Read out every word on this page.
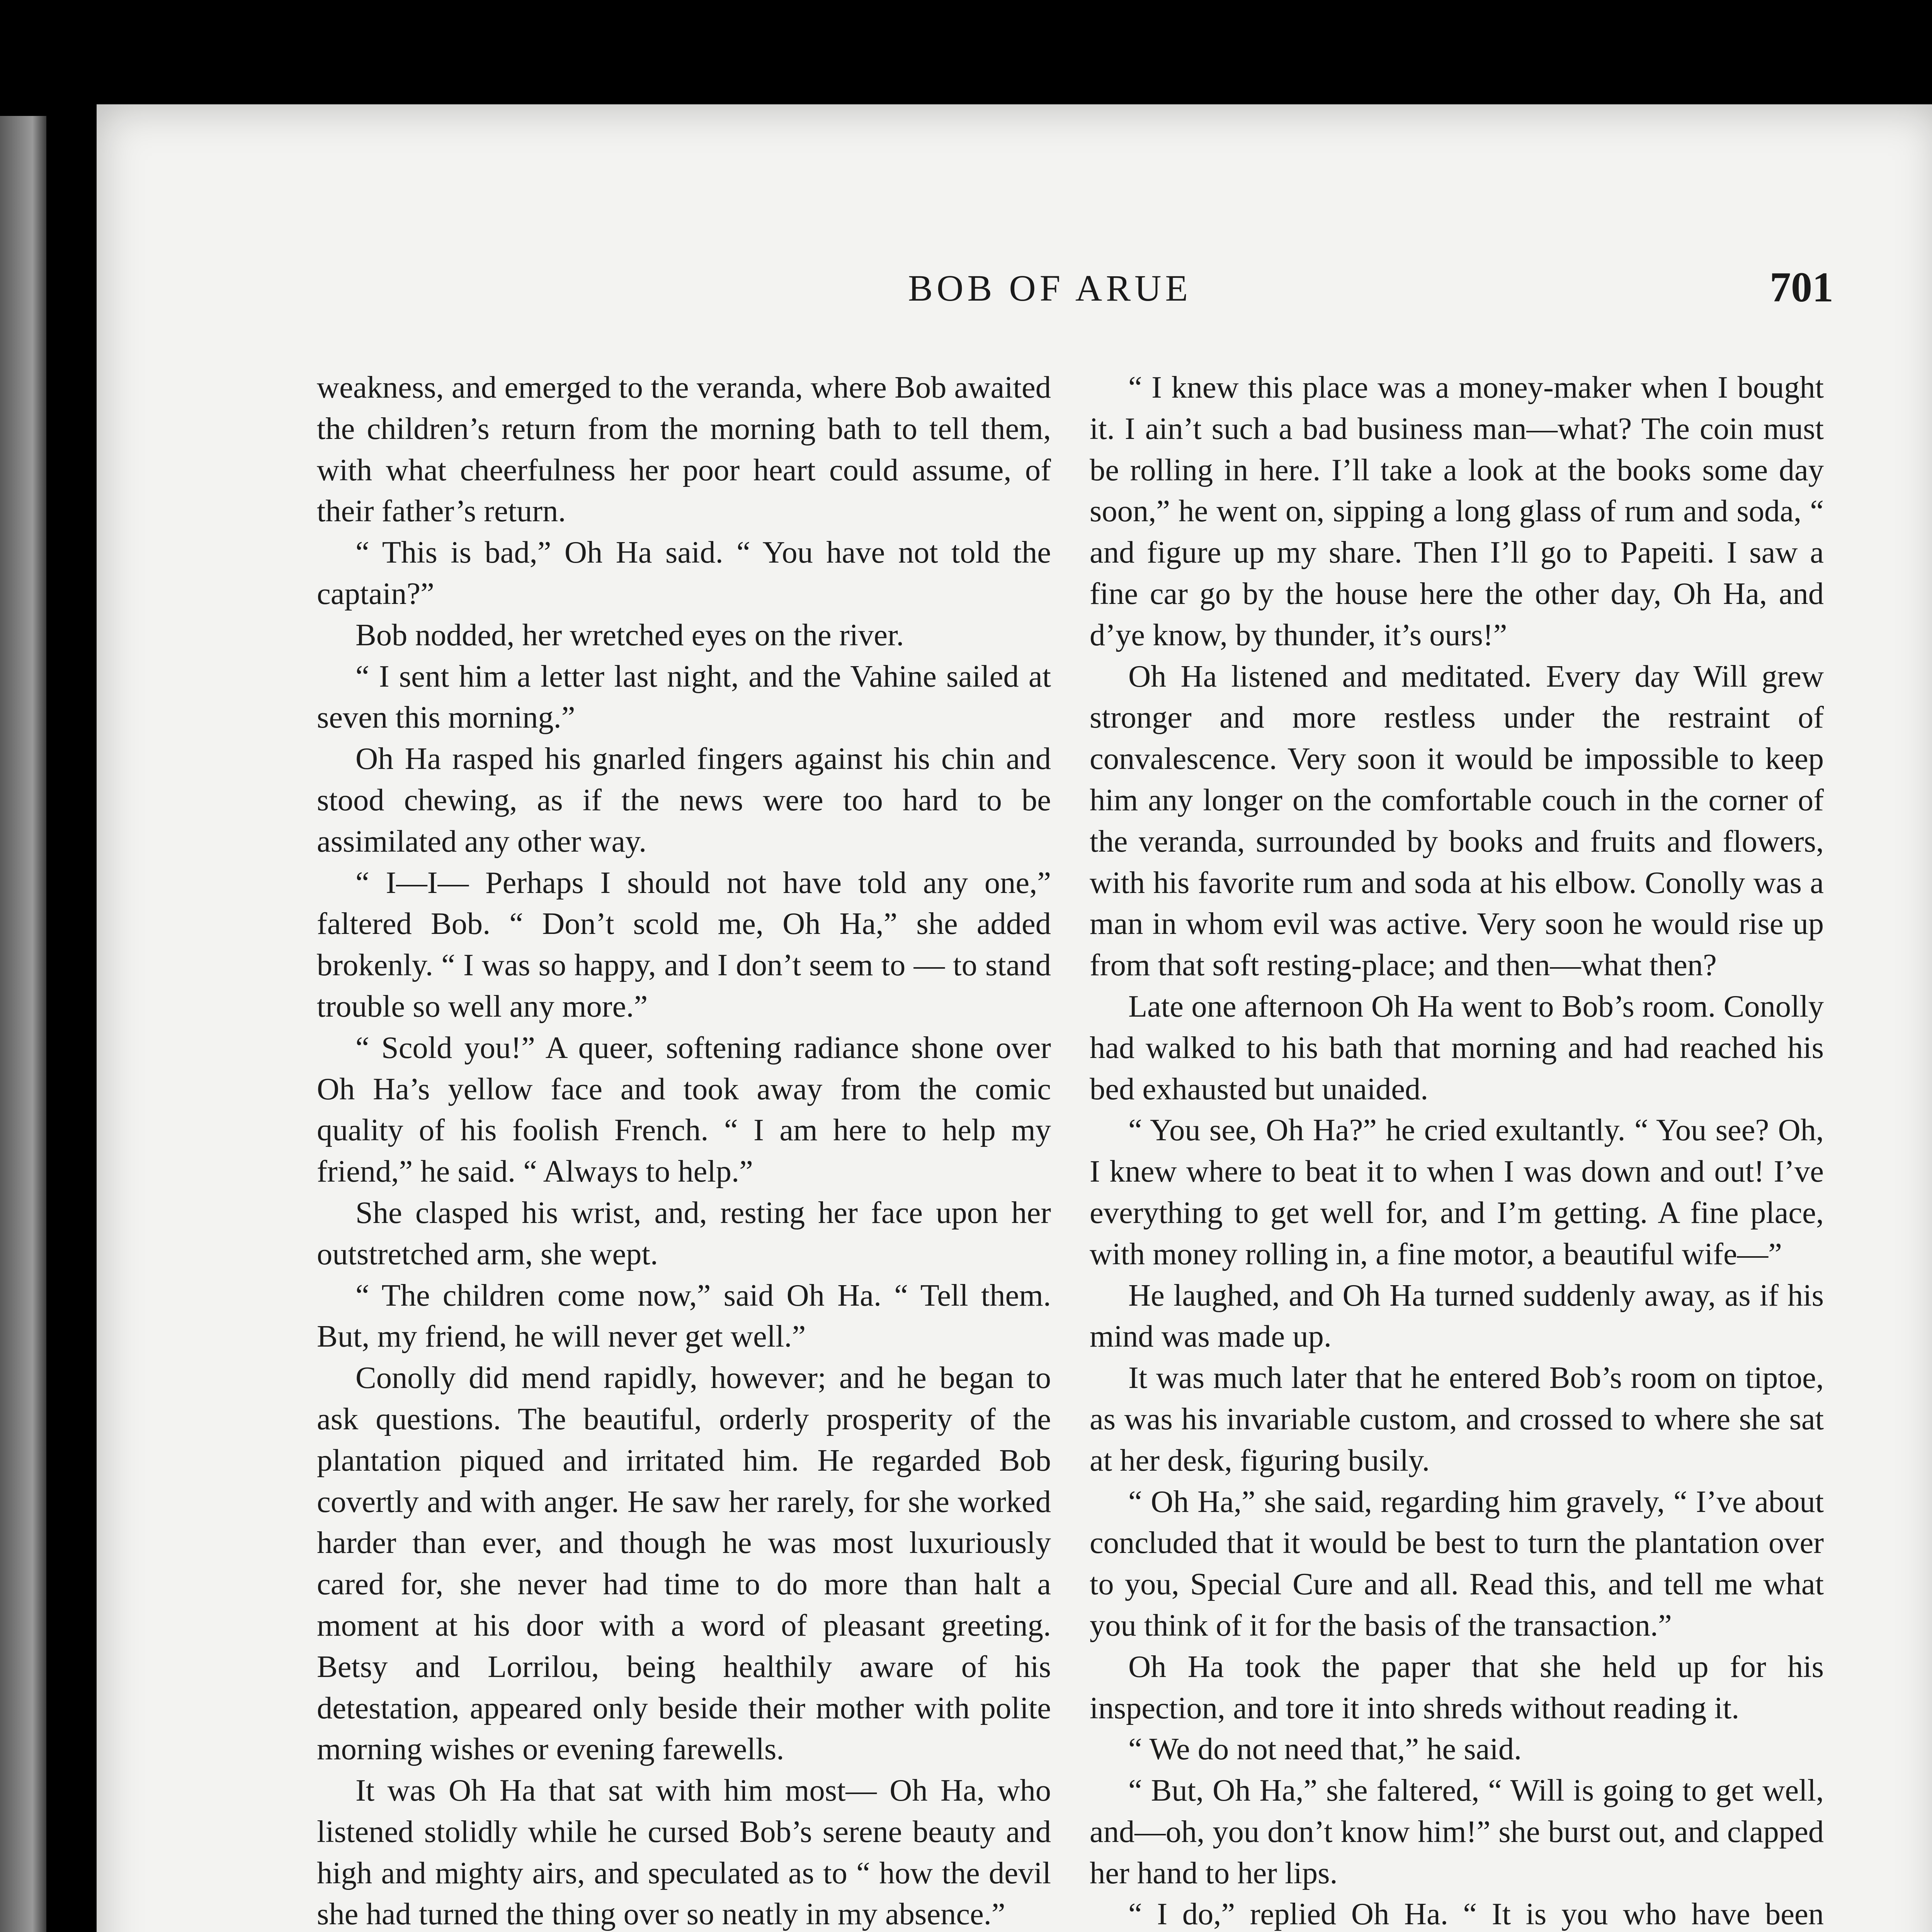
BOB OF ARUE	701

weakness, and emerged to the veranda, where Bob awaited the children’s return from the morning bath to tell them, with what cheerfulness her poor heart could assume, of their father’s return.

“ This is bad,” Oh Ha said. “ You have not told the captain?”

Bob nodded, her wretched eyes on the river.

“ I sent him a letter last night, and the Vahine sailed at seven this morning.”

Oh Ha rasped his gnarled fingers against his chin and stood chewing, as if the news were too hard to be assimilated any other way.

“ I—I— Perhaps I should not have told any one,” faltered Bob. “ Don’t scold me, Oh Ha,” she added brokenly. “ I was so happy, and I don’t seem to — to stand trouble so well any more.”

“ Scold you!” A queer, softening radiance shone over Oh Ha’s yellow face and took away from the comic quality of his foolish French. “ I am here to help my friend,” he said. “ Always to help.”

She clasped his wrist, and, resting her face upon her outstretched arm, she wept.

“ The children come now,” said Oh Ha. “ Tell them. But, my friend, he will never get well.”

Conolly did mend rapidly, however; and he began to ask questions. The beautiful, orderly prosperity of the plantation piqued and irritated him. He regarded Bob covertly and with anger. He saw her rarely, for she worked harder than ever, and though he was most luxuriously cared for, she never had time to do more than halt a moment at his door with a word of pleasant greeting. Betsy and Lorrilou, being healthily aware of his detestation, appeared only beside their mother with polite morning wishes or evening farewells.

It was Oh Ha that sat with him most— Oh Ha, who listened stolidly while he cursed Bob’s serene beauty and high and mighty airs, and speculated as to “ how the devil she had turned the thing over so neatly in my absence.”

“ I knew this place was a money-maker when I bought it. I ain’t such a bad business man—what? The coin must be rolling in here. I’ll take a look at the books some day soon,” he went on, sipping a long glass of rum and soda, “ and figure up my share. Then I’ll go to Papeiti. I saw a fine car go by the house here the other day, Oh Ha, and d’ye know, by thunder, it’s ours!”

Oh Ha listened and meditated. Every day Will grew stronger and more restless under the restraint of convalescence. Very soon it would be impossible to keep him any longer on the comfortable couch in the corner of the veranda, surrounded by books and fruits and flowers, with his favorite rum and soda at his elbow. Conolly was a man in whom evil was active. Very soon he would rise up from that soft resting-place; and then—what then?

Late one afternoon Oh Ha went to Bob’s room. Conolly had walked to his bath that morning and had reached his bed exhausted but unaided.

“ You see, Oh Ha?” he cried exultantly. “ You see? Oh, I knew where to beat it to when I was down and out! I’ve everything to get well for, and I’m getting. A fine place, with money rolling in, a fine motor, a beautiful wife—”

He laughed, and Oh Ha turned suddenly away, as if his mind was made up.

It was much later that he entered Bob’s room on tiptoe, as was his invariable custom, and crossed to where she sat at her desk, figuring busily.

“ Oh Ha,” she said, regarding him gravely, “ I’ve about concluded that it would be best to turn the plantation over to you, Special Cure and all. Read this, and tell me what you think of it for the basis of the transaction.”

Oh Ha took the paper that she held up for his inspection, and tore it into shreds without reading it.

“ We do not need that,” he said.

“ But, Oh Ha,” she faltered, “ Will is going to get well, and—oh, you don’t know him!” she burst out, and clapped her hand to her lips.

“ I do,” replied Oh Ha. “ It is you who have been
